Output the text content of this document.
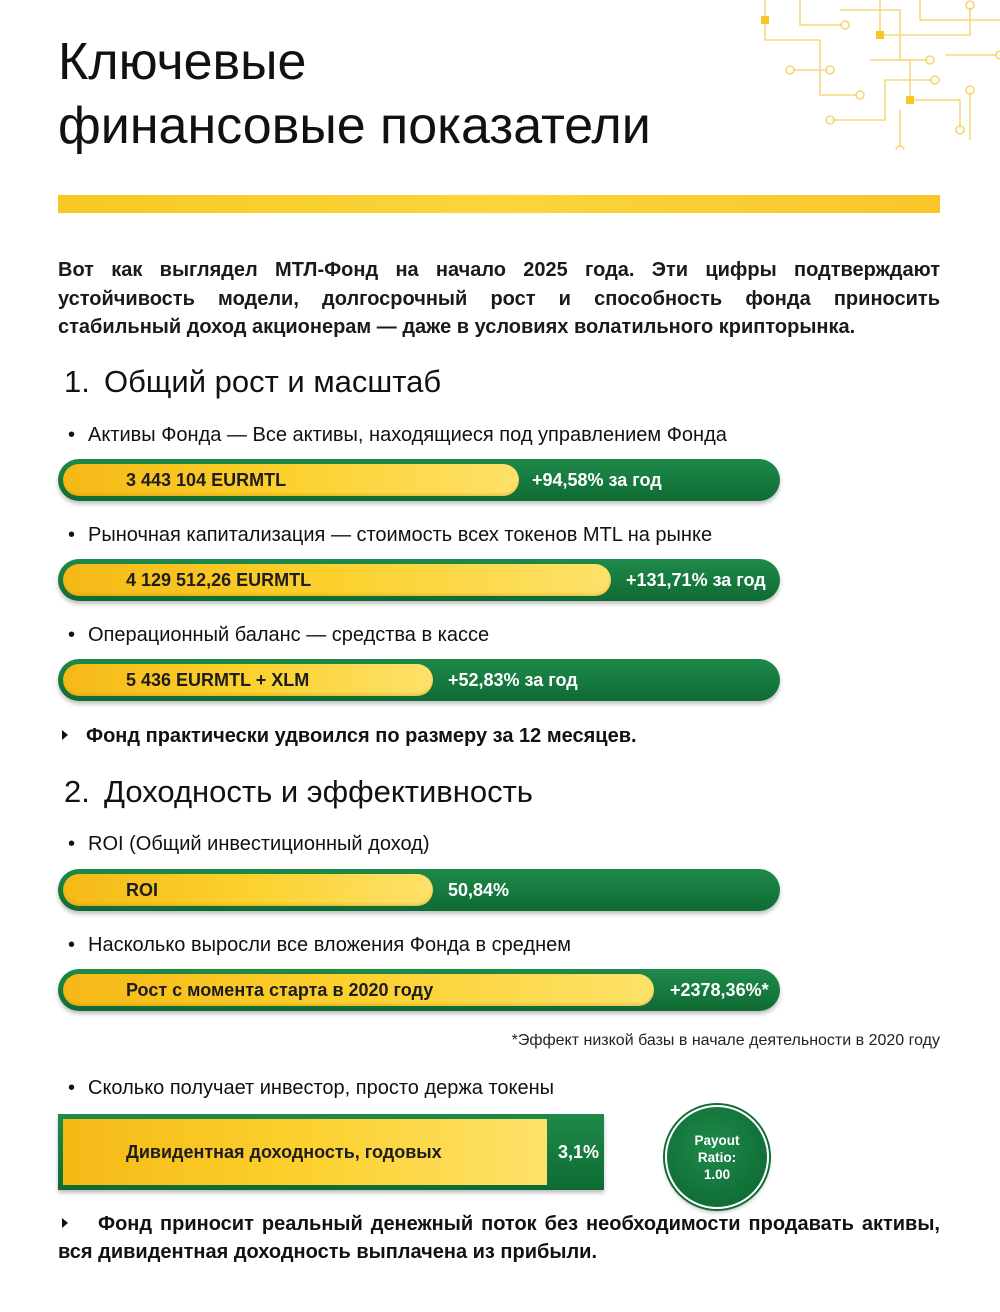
Ключевые
финансовые показатели
Вот как выглядел МТЛ-Фонд на начало 2025 года. Эти цифры подтверждают устойчивость модели, долгосрочный рост и способность фонда приносить стабильный доход акционерам — даже в условиях волатильного крипторынка.
1. Общий рост и масштаб
• Активы Фонда — Все активы, находящиеся под управлением Фонда
3 443 104 EURMTL	+94,58% за год
• Рыночная капитализация — стоимость всех токенов MTL на рынке
4 129 512,26 EURMTL	+131,71% за год
• Операционный баланс — средства в кассе
5 436 EURMTL + XLM	+52,83% за год
Фонд практически удвоился по размеру за 12 месяцев.
2. Доходность и эффективность
• ROI (Общий инвестиционный доход)
ROI	50,84%
• Насколько выросли все вложения Фонда в среднем
Рост с момента старта в 2020 году	+2378,36%*
*Эффект низкой базы в начале деятельности в 2020 году
• Сколько получает инвестор, просто держа токены
Дивидентная доходность, годовых	3,1%
Payout
Ratio:
1.00
Фонд приносит реальный денежный поток без необходимости продавать активы, вся дивидентная доходность выплачена из прибыли.
